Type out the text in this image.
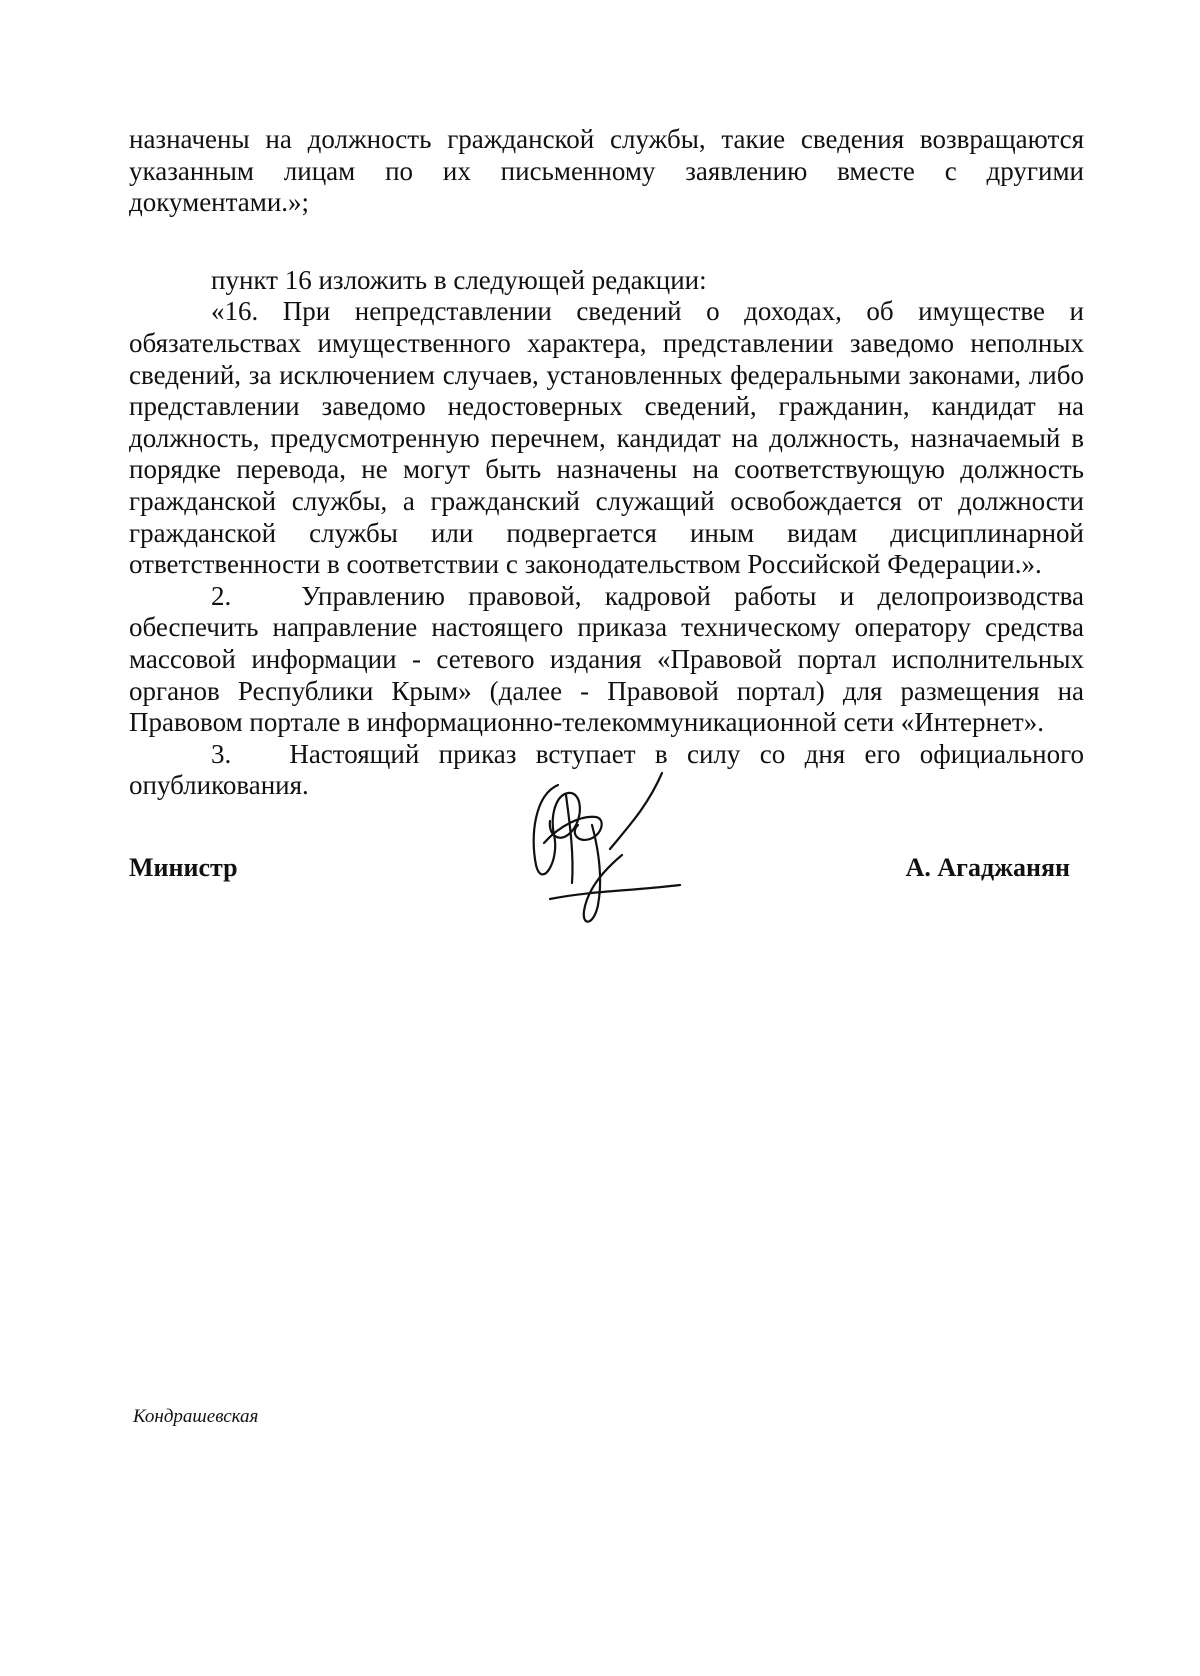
назначены на должность гражданской службы, такие сведения возвращаются указанным лицам по их письменному заявлению вместе с другими документами.»;

пункт 16 изложить в следующей редакции:

«16. При непредставлении сведений о доходах, об имуществе и обязательствах имущественного характера, представлении заведомо неполных сведений, за исключением случаев, установленных федеральными законами, либо представлении заведомо недостоверных сведений, гражданин, кандидат на должность, предусмотренную перечнем, кандидат на должность, назначаемый в порядке перевода, не могут быть назначены на соответствующую должность гражданской службы, а гражданский служащий освобождается от должности гражданской службы или подвергается иным видам дисциплинарной ответственности в соответствии с законодательством Российской Федерации.».

2.   Управлению правовой, кадровой работы и делопроизводства обеспечить направление настоящего приказа техническому оператору средства массовой информации - сетевого издания «Правовой портал исполнительных органов Республики Крым» (далее - Правовой портал) для размещения на Правовом портале в информационно-телекоммуникационной сети «Интернет».

3.   Настоящий приказ вступает в силу со дня его официального опубликования.

Министр	А. Агаджанян
Кондрашевская
